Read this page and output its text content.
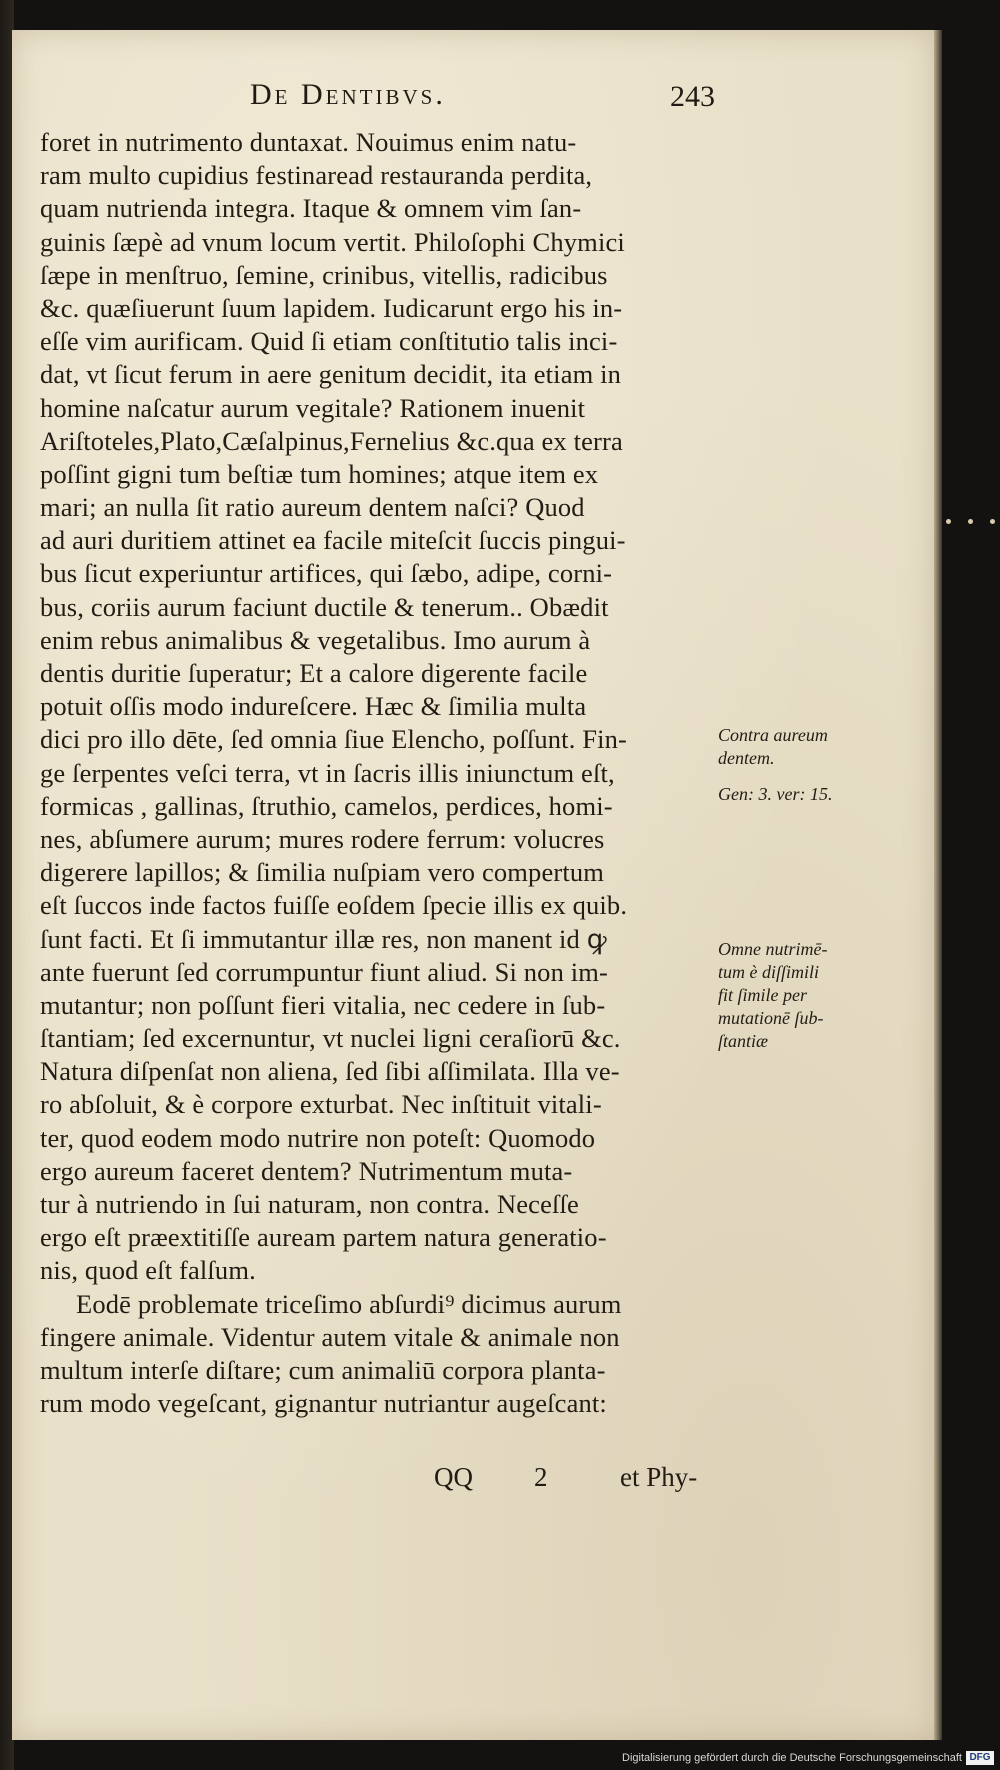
De Dentibvs.	243
foret in nutrimento duntaxat. Nouimus enim natu-
ram multo cupidius festinaread restauranda perdita,
quam nutrienda integra. Itaque & omnem vim ſan-
guinis ſæpè ad vnum locum vertit. Philoſophi Chymici
ſæpe in menſtruo, ſemine, crinibus, vitellis, radicibus
&c. quæſiuerunt ſuum lapidem. Iudicarunt ergo his in-
eſſe vim aurificam. Quid ſi etiam conſtitutio talis inci-
dat, vt ſicut ferum in aere genitum decidit, ita etiam in
homine naſcatur aurum vegitale? Rationem inuenit
Ariſtoteles,Plato,Cæſalpinus,Fernelius &c.qua ex terra
poſſint gigni tum beſtiæ tum homines; atque item ex
mari; an nulla ſit ratio aureum dentem naſci? Quod
ad auri duritiem attinet ea facile miteſcit ſuccis pingui-
bus ſicut experiuntur artifices, qui ſæbo, adipe, corni-
bus, coriis aurum faciunt ductile & tenerum.. Obædit
enim rebus animalibus & vegetalibus. Imo aurum à
dentis duritie ſuperatur; Et a calore digerente facile
potuit oſſis modo indureſcere. Hæc & ſimilia multa
dici pro illo dēte, ſed omnia ſiue Elencho, poſſunt. Fin-
ge ſerpentes veſci terra, vt in ſacris illis iniunctum eſt,
formicas , gallinas, ſtruthio, camelos, perdices, homi-
nes, abſumere aurum; mures rodere ferrum: volucres
digerere lapillos; & ſimilia nuſpiam vero compertum
eſt ſuccos inde factos fuiſſe eoſdem ſpecie illis ex quib.
ſunt facti. Et ſi immutantur illæ res, non manent id ꝙ
ante fuerunt ſed corrumpuntur fiunt aliud. Si non im-
mutantur; non poſſunt fieri vitalia, nec cedere in ſub-
ſtantiam; ſed excernuntur, vt nuclei ligni ceraſiorū &c.
Natura diſpenſat non aliena, ſed ſibi aſſimilata. Illa ve-
ro abſoluit, & è corpore exturbat. Nec inſtituit vitali-
ter, quod eodem modo nutrire non poteſt: Quomodo
ergo aureum faceret dentem? Nutrimentum muta-
tur à nutriendo in ſui naturam, non contra. Neceſſe
ergo eſt præextitiſſe auream partem natura generatio-
nis, quod eſt falſum.
Eodē problemate triceſimo abſurdi⁹ dicimus aurum
fingere animale. Videntur autem vitale & animale non
multum interſe diſtare; cum animaliū corpora planta-
rum modo vegeſcant, gignantur nutriantur augeſcant:
Contra aureum
dentem.
Gen: 3. ver: 15.
Omne nutrimē-
tum è diſſimili
fit ſimile per
mutationē ſub-
ſtantiæ
QQ 2	et Phy-
Digitalisierung gefördert durch die Deutsche Forschungsgemeinschaft DFG
